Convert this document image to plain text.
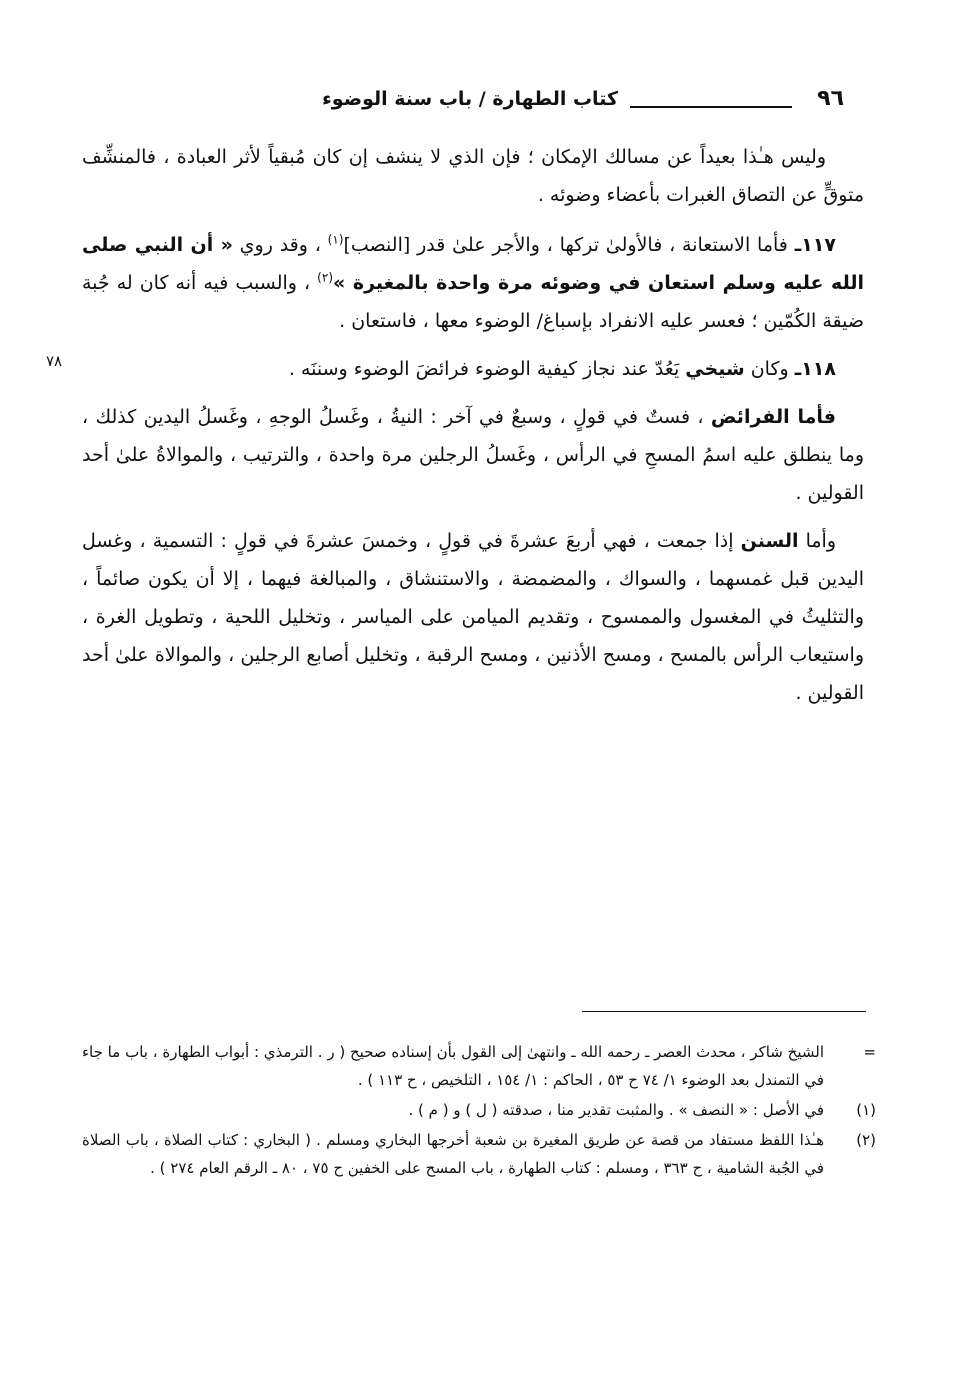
٩٦
كتاب الطهارة / باب سنة الوضوء

وليس هـٰذا بعيداً عن مسالك الإمكان ؛ فإن الذي لا ينشف إن كان مُبقياً لأثر العبادة ، فالمنشِّف متوقٍّ عن التصاق الغبرات بأعضاء وضوئه .

١١٧ـ فأما الاستعانة ، فالأولىٰ تركها ، والأجر علىٰ قدر [النصب]$^{(١)}$ ، وقد روي « أن النبي صلى الله عليه وسلم استعان في وضوئه مرة واحدة بالمغيرة »$^{(٢)}$ ، والسبب فيه أنه كان له جُبة ضيقة الكُمّين ؛ فعسر عليه الانفراد بإسباغ/ الوضوء معها ، فاستعان .

١١٨ـ وكان شيخي يَعُدّ عند نجاز كيفية الوضوء فرائضَ الوضوء وسننَه .

فأما الفرائض ، فستٌ في قولٍ ، وسبعٌ في آخر : النيةُ ، وغَسلُ الوجهِ ، وغَسلُ اليدين كذلك ، وما ينطلق عليه اسمُ المسحِ في الرأس ، وغَسلُ الرجلين مرة واحدة ، والترتيب ، والموالاةُ علىٰ أحد القولين .

وأما السنن إذا جمعت ، فهي أربعَ عشرةَ في قولٍ ، وخمسَ عشرةَ في قولٍ : التسمية ، وغسل اليدين قبل غمسهما ، والسواك ، والمضمضة ، والاستنشاق ، والمبالغة فيهما ، إلا أن يكون صائماً ، والتثليثُ في المغسول والممسوح ، وتقديم الميامن على المياسر ، وتخليل اللحية ، وتطويل الغرة ، واستيعاب الرأس بالمسح ، ومسح الأذنين ، ومسح الرقبة ، وتخليل أصابع الرجلين ، والموالاة علىٰ أحد القولين .

٧٨
=
الشيخ شاكر ، محدث العصر ـ رحمه الله ـ وانتهىٰ إلى القول بأن إسناده صحيح ( ر . الترمذي : أبواب الطهارة ، باب ما جاء في التمندل بعد الوضوء ١/ ٧٤ ح ٥٣ ، الحاكم : ١/ ١٥٤ ، التلخيص ، ح ١١٣ ) .
(١)
في الأصل : « النصف » . والمثبت تقدير منا ، صدقته ( ل ) و ( م ) .
(٢)
هـٰذا اللفظ مستفاد من قصة عن طريق المغيرة بن شعبة أخرجها البخاري ومسلم . ( البخاري : كتاب الصلاة ، باب الصلاة في الجُبة الشامية ، ح ٣٦٣ ، ومسلم : كتاب الطهارة ، باب المسح على الخفين ح ٧٥ ، ٨٠ ـ الرقم العام ٢٧٤ ) .
